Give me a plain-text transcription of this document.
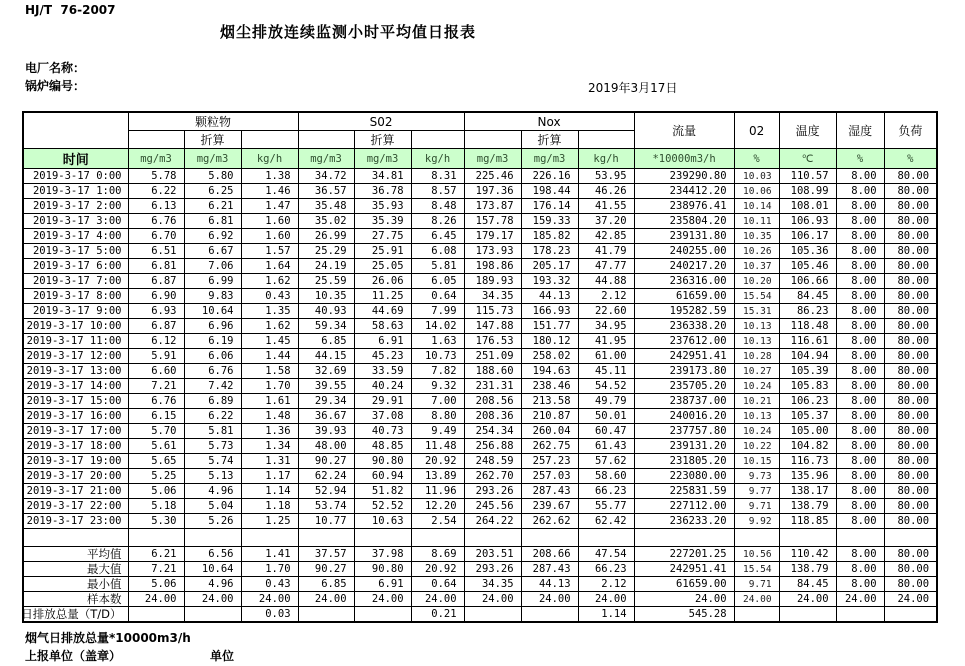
HJ/T  76-2007
烟尘排放连续监测小时平均值日报表
电厂名称：
锅炉编号：	2019年3月17日
	颗粒物			S02			Nox			流量	02	温度	湿度	负荷
		折算			折算			折算						
时间	mg/m3	mg/m3	kg/h	mg/m3	mg/m3	kg/h	mg/m3	mg/m3	kg/h	*10000m3/h	%	℃	%	%
2019-3-17 0:00	5.78	5.80	1.38	34.72	34.81	8.31	225.46	226.16	53.95	239290.80	10.03	110.57	8.00	80.00
2019-3-17 1:00	6.22	6.25	1.46	36.57	36.78	8.57	197.36	198.44	46.26	234412.20	10.06	108.99	8.00	80.00
2019-3-17 2:00	6.13	6.21	1.47	35.48	35.93	8.48	173.87	176.14	41.55	238976.41	10.14	108.01	8.00	80.00
2019-3-17 3:00	6.76	6.81	1.60	35.02	35.39	8.26	157.78	159.33	37.20	235804.20	10.11	106.93	8.00	80.00
2019-3-17 4:00	6.70	6.92	1.60	26.99	27.75	6.45	179.17	185.82	42.85	239131.80	10.35	106.17	8.00	80.00
2019-3-17 5:00	6.51	6.67	1.57	25.29	25.91	6.08	173.93	178.23	41.79	240255.00	10.26	105.36	8.00	80.00
2019-3-17 6:00	6.81	7.06	1.64	24.19	25.05	5.81	198.86	205.17	47.77	240217.20	10.37	105.46	8.00	80.00
2019-3-17 7:00	6.87	6.99	1.62	25.59	26.06	6.05	189.93	193.32	44.88	236316.00	10.20	106.66	8.00	80.00
2019-3-17 8:00	6.90	9.83	0.43	10.35	11.25	0.64	34.35	44.13	2.12	61659.00	15.54	84.45	8.00	80.00
2019-3-17 9:00	6.93	10.64	1.35	40.93	44.69	7.99	115.73	166.93	22.60	195282.59	15.31	86.23	8.00	80.00
2019-3-17 10:00	6.87	6.96	1.62	59.34	58.63	14.02	147.88	151.77	34.95	236338.20	10.13	118.48	8.00	80.00
2019-3-17 11:00	6.12	6.19	1.45	6.85	6.91	1.63	176.53	180.12	41.95	237612.00	10.13	116.61	8.00	80.00
2019-3-17 12:00	5.91	6.06	1.44	44.15	45.23	10.73	251.09	258.02	61.00	242951.41	10.28	104.94	8.00	80.00
2019-3-17 13:00	6.60	6.76	1.58	32.69	33.59	7.82	188.60	194.63	45.11	239173.80	10.27	105.39	8.00	80.00
2019-3-17 14:00	7.21	7.42	1.70	39.55	40.24	9.32	231.31	238.46	54.52	235705.20	10.24	105.83	8.00	80.00
2019-3-17 15:00	6.76	6.89	1.61	29.34	29.91	7.00	208.56	213.58	49.79	238737.00	10.21	106.23	8.00	80.00
2019-3-17 16:00	6.15	6.22	1.48	36.67	37.08	8.80	208.36	210.87	50.01	240016.20	10.13	105.37	8.00	80.00
2019-3-17 17:00	5.70	5.81	1.36	39.93	40.73	9.49	254.34	260.04	60.47	237757.80	10.24	105.00	8.00	80.00
2019-3-17 18:00	5.61	5.73	1.34	48.00	48.85	11.48	256.88	262.75	61.43	239131.20	10.22	104.82	8.00	80.00
2019-3-17 19:00	5.65	5.74	1.31	90.27	90.80	20.92	248.59	257.23	57.62	231805.20	10.15	116.73	8.00	80.00
2019-3-17 20:00	5.25	5.13	1.17	62.24	60.94	13.89	262.70	257.03	58.60	223080.00	9.73	135.96	8.00	80.00
2019-3-17 21:00	5.06	4.96	1.14	52.94	51.82	11.96	293.26	287.43	66.23	225831.59	9.77	138.17	8.00	80.00
2019-3-17 22:00	5.18	5.04	1.18	53.74	52.52	12.20	245.56	239.67	55.77	227112.00	9.71	138.79	8.00	80.00
2019-3-17 23:00	5.30	5.26	1.25	10.77	10.63	2.54	264.22	262.62	62.42	236233.20	9.92	118.85	8.00	80.00

平均值	6.21	6.56	1.41	37.57	37.98	8.69	203.51	208.66	47.54	227201.25	10.56	110.42	8.00	80.00

最大值	7.21	10.64	1.70	90.27	90.80	20.92	293.26	287.43	66.23	242951.41	15.54	138.79	8.00	80.00

最小值	5.06	4.96	0.43	6.85	6.91	0.64	34.35	44.13	2.12	61659.00	9.71	84.45	8.00	80.00

样本数	24.00	24.00	24.00	24.00	24.00	24.00	24.00	24.00	24.00	24.00	24.00	24.00	24.00	24.00

日排放总量（T/D）			0.03			0.21			1.14	545.28				
烟气日排放总量*10000m3/h
上报单位（盖章）	单位
